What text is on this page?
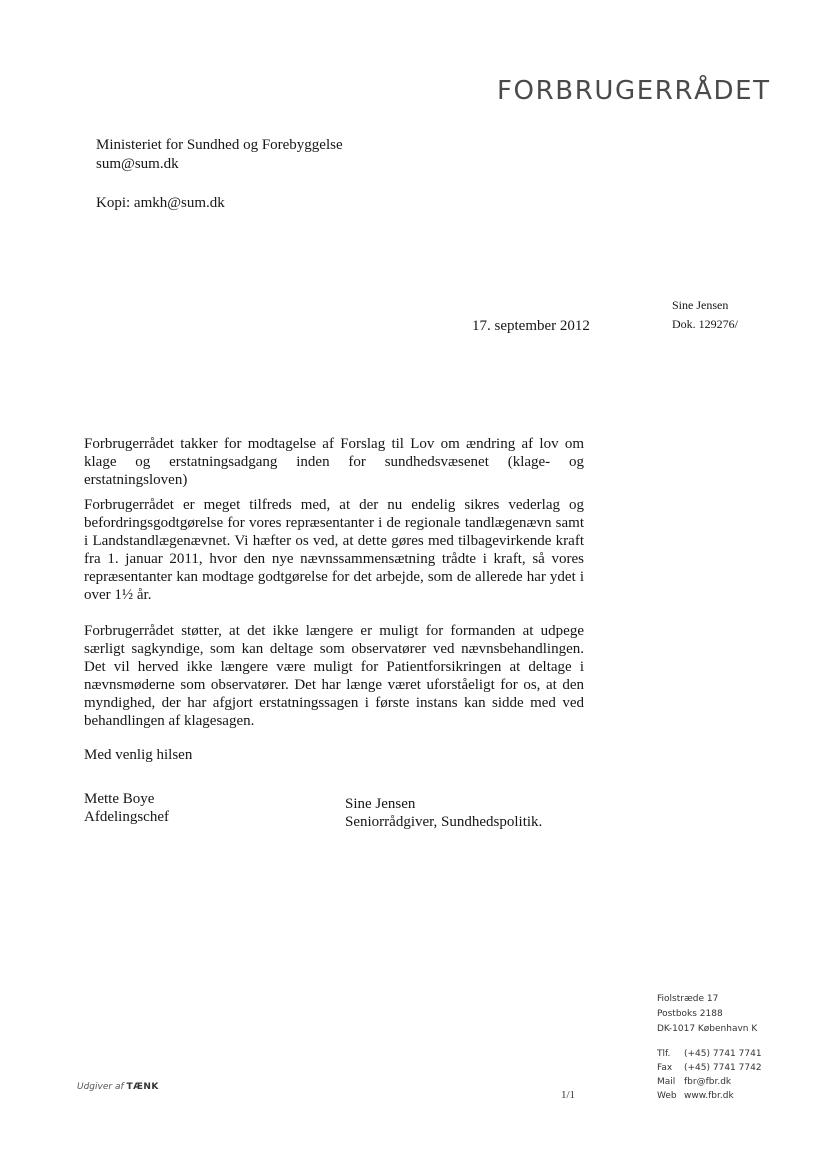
FORBRUGERRÅDET
Ministeriet for Sundhed og Forebyggelse
sum@sum.dk
Kopi: amkh@sum.dk
Sine Jensen
Dok. 129276/
17. september 2012
Forbrugerrådet takker for modtagelse af Forslag til Lov om ændring af lov om klage og erstatningsadgang inden for sundhedsvæsenet (klage- og erstatningsloven)
Forbrugerrådet er meget tilfreds med, at der nu endelig sikres vederlag og befordringsgodtgørelse for vores repræsentanter i de regionale tandlægenævn samt i Landstandlægenævnet. Vi hæfter os ved, at dette gøres med tilbagevirkende kraft fra 1. januar 2011, hvor den nye nævnssammensætning trådte i kraft, så vores repræsentanter kan modtage godtgørelse for det arbejde, som de allerede har ydet i over 1½ år.
Forbrugerrådet støtter, at det ikke længere er muligt for formanden at udpege særligt sagkyndige, som kan deltage som observatører ved nævnsbehandlingen. Det vil herved ikke længere være muligt for Patientforsikringen at deltage i nævnsmøderne som observatører. Det har længe været uforståeligt for os, at den myndighed, der har afgjort erstatningssagen i første instans kan sidde med ved behandlingen af klagesagen.
Med venlig hilsen
Mette Boye
Afdelingschef
Sine Jensen
Seniorrådgiver, Sundhedspolitik.
Fiolstræde 17
Postboks 2188
DK-1017 København K
Tlf. (+45) 7741 7741
Fax (+45) 7741 7742
Mail fbr@fbr.dk
Web www.fbr.dk
Udgiver af TÆNK
1/1
